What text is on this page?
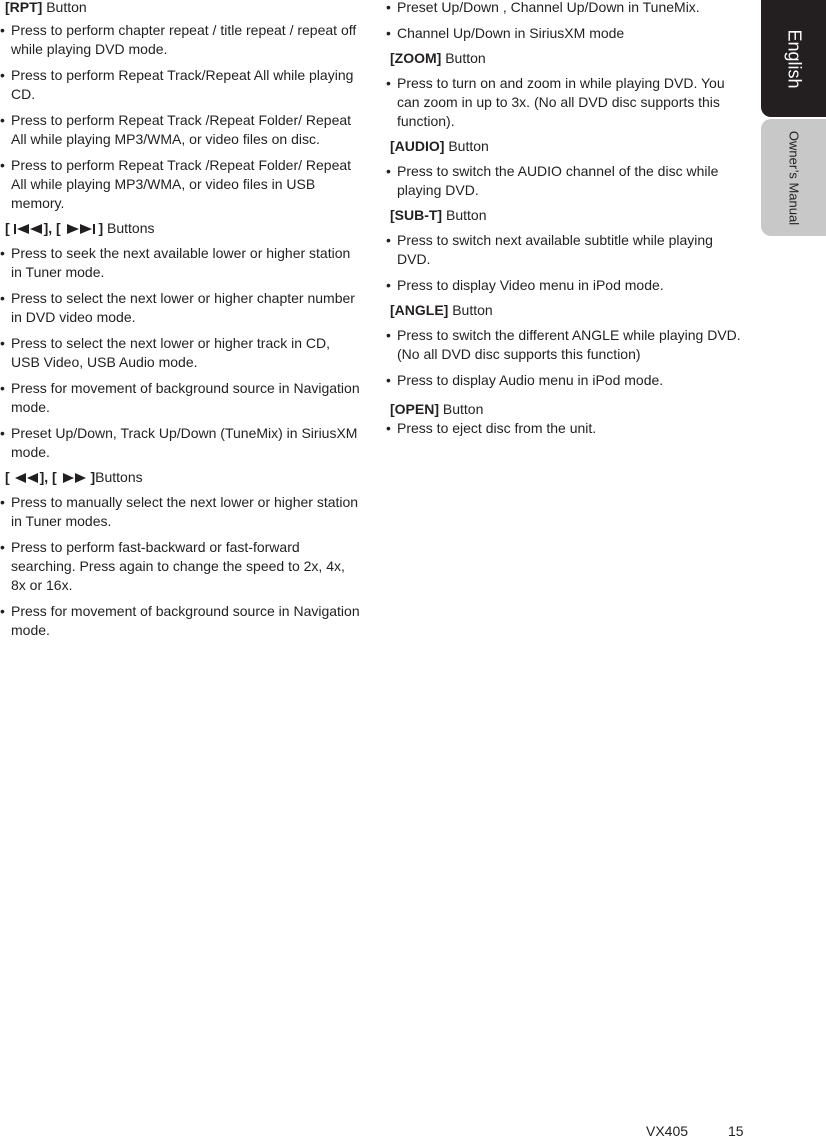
[RPT] Button

• Press to perform chapter repeat / title repeat / repeat off while playing DVD mode.
• Press to perform Repeat Track/Repeat All while playing CD.
• Press to perform Repeat Track /Repeat Folder/ Repeat All while playing MP3/WMA, or video files on disc.
• Press to perform Repeat Track /Repeat Folder/ Repeat All while playing MP3/WMA, or video files in USB memory.

[ ], [	] Buttons

• Press to seek the next available lower or higher station in Tuner mode.
• Press to select the next lower or higher chapter number in DVD video mode.
• Press to select the next lower or higher track in CD, USB Video, USB Audio mode.
• Press for movement of background source in Navigation mode.
• Preset Up/Down, Track Up/Down (TuneMix) in SiriusXM mode.

[ ], [ ]Buttons

• Press to manually select the next lower or higher station in Tuner modes.
• Press to perform fast-backward or fast-forward searching. Press again to change the speed to 2x, 4x, 8x or 16x.
• Press for movement of background source in Navigation mode.
• Preset Up/Down , Channel Up/Down in TuneMix.
• Channel Up/Down in SiriusXM mode

[ZOOM] Button

• Press to turn on and zoom in while playing DVD. You can zoom in up to 3x. (No all DVD disc supports this function).

[AUDIO] Button

• Press to switch the AUDIO channel of the disc while playing DVD.

[SUB-T] Button

• Press to switch next available subtitle while playing DVD.
• Press to display Video menu in iPod mode.

[ANGLE] Button

• Press to switch the different ANGLE while playing DVD. (No all DVD disc supports this function)
• Press to display Audio menu in iPod mode.

[OPEN] Button

• Press to eject disc from the unit.
English
Owner’s Manual
VX405	15
